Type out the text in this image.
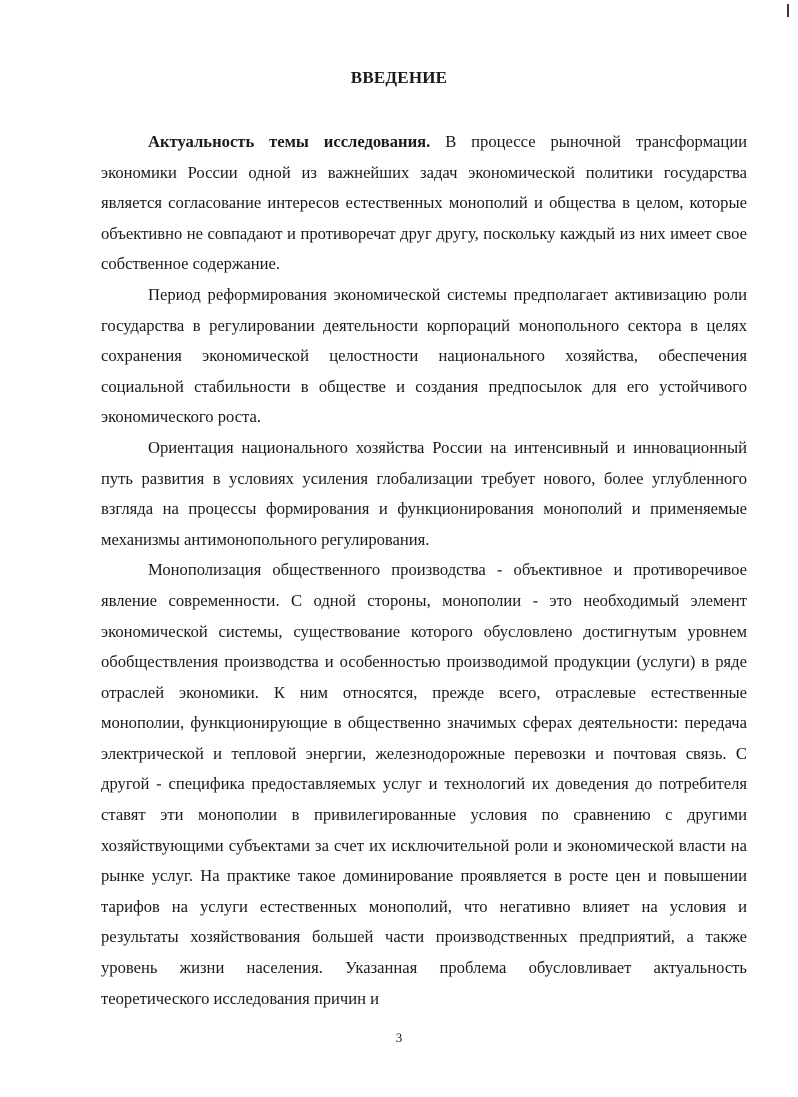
ВВЕДЕНИЕ

Актуальность темы исследования. В процессе рыночной трансформации экономики России одной из важнейших задач экономической политики государства является согласование интересов естественных монополий и общества в целом, которые объективно не совпадают и противоречат друг другу, поскольку каждый из них имеет свое собственное содержание.

Период реформирования экономической системы предполагает активизацию роли государства в регулировании деятельности корпораций монопольного сектора в целях сохранения экономической целостности национального хозяйства, обеспечения социальной стабильности в обществе и создания предпосылок для его устойчивого экономического роста.

Ориентация национального хозяйства России на интенсивный и инновационный путь развития в условиях усиления глобализации требует нового, более углубленного взгляда на процессы формирования и функционирования монополий и применяемые механизмы антимонопольного регулирования.

Монополизация общественного производства - объективное и противоречивое явление современности. С одной стороны, монополии - это необходимый элемент экономической системы, существование которого обусловлено достигнутым уровнем обобществления производства и особенностью производимой продукции (услуги) в ряде отраслей экономики. К ним относятся, прежде всего, отраслевые естественные монополии, функционирующие в общественно значимых сферах деятельности: передача электрической и тепловой энергии, железнодорожные перевозки и почтовая связь. С другой - специфика предоставляемых услуг и технологий их доведения до потребителя ставят эти монополии в привилегированные условия по сравнению с другими хозяйствующими субъектами за счет их исключительной роли и экономической власти на рынке услуг. На практике такое доминирование проявляется в росте цен и повышении тарифов на услуги естественных монополий, что негативно влияет на условия и результаты хозяйствования большей части производственных предприятий, а также уровень жизни населения. Указанная проблема обусловливает актуальность теоретического исследования причин и

3
